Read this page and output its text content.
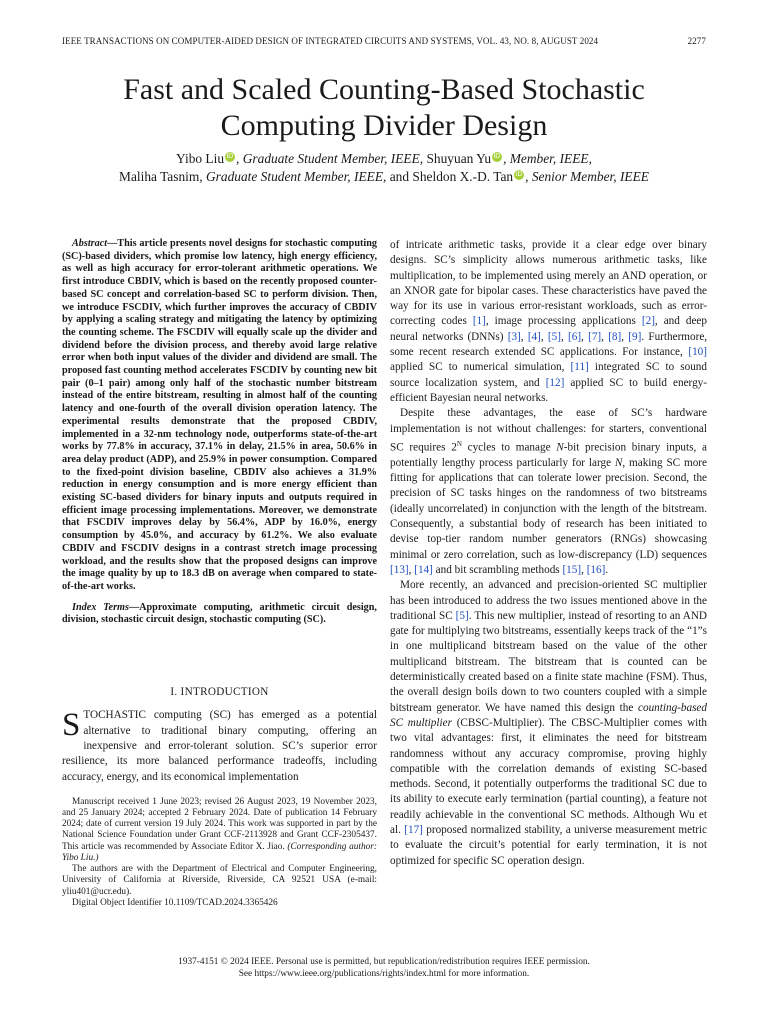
IEEE TRANSACTIONS ON COMPUTER-AIDED DESIGN OF INTEGRATED CIRCUITS AND SYSTEMS, VOL. 43, NO. 8, AUGUST 2024	2277
Fast and Scaled Counting-Based Stochastic
Computing Divider Design
Yibo Liu iD , Graduate Student Member, IEEE, Shuyuan Yu iD , Member, IEEE,
Maliha Tasnim, Graduate Student Member, IEEE, and Sheldon X.-D. Tan iD , Senior Member, IEEE

Abstract—This article presents novel designs for stochastic computing (SC)-based dividers, which promise low latency, high energy efficiency, as well as high accuracy for error-tolerant arithmetic operations. We first introduce CBDIV, which is based on the recently proposed counter-based SC concept and correlation-based SC to perform division. Then, we introduce FSCDIV, which further improves the accuracy of CBDIV by applying a scaling strategy and mitigating the latency by optimizing the counting scheme. The FSCDIV will equally scale up the divider and dividend before the division process, and thereby avoid large relative error when both input values of the divider and dividend are small. The proposed fast counting method accelerates FSCDIV by counting new bit pair (0–1 pair) among only half of the stochastic number bitstream instead of the entire bitstream, resulting in almost half of the counting latency and one-fourth of the overall division operation latency. The experimental results demonstrate that the proposed CBDIV, implemented in a 32-nm technology node, outperforms state-of-the-art works by 77.8% in accuracy, 37.1% in delay, 21.5% in area, 50.6% in area delay product (ADP), and 25.9% in power consumption. Compared to the fixed-point division baseline, CBDIV also achieves a 31.9% reduction in energy consumption and is more energy efficient than existing SC-based dividers for binary inputs and outputs required in efficient image processing implementations. Moreover, we demonstrate that FSCDIV improves delay by 56.4%, ADP by 16.0%, energy consumption by 45.0%, and accuracy by 61.2%. We also evaluate CBDIV and FSCDIV designs in a contrast stretch image processing workload, and the results show that the proposed designs can improve the image quality by up to 18.3 dB on average when compared to state-of-the-art works.

Index Terms—Approximate computing, arithmetic circuit design, division, stochastic circuit design, stochastic computing (SC).

I. INTRODUCTION

STOCHASTIC computing (SC) has emerged as a potential alternative to traditional binary computing, offering an inexpensive and error-tolerant solution. SC’s superior error resilience, its more balanced performance tradeoffs, including accuracy, energy, and its economical implementation

Manuscript received 1 June 2023; revised 26 August 2023, 19 November 2023, and 25 January 2024; accepted 2 February 2024. Date of publication 14 February 2024; date of current version 19 July 2024. This work was supported in part by the National Science Foundation under Grant CCF-2113928 and Grant CCF-2305437. This article was recommended by Associate Editor X. Jiao. (Corresponding author: Yibo Liu.)

The authors are with the Department of Electrical and Computer Engineering, University of California at Riverside, Riverside, CA 92521 USA (e-mail: yliu401@ucr.edu).

Digital Object Identifier 10.1109/TCAD.2024.3365426

of intricate arithmetic tasks, provide it a clear edge over binary designs. SC’s simplicity allows numerous arithmetic tasks, like multiplication, to be implemented using merely an AND operation, or an XNOR gate for bipolar cases. These characteristics have paved the way for its use in various error-resistant workloads, such as error-correcting codes [1], image processing applications [2], and deep neural networks (DNNs) [3], [4], [5], [6], [7], [8], [9]. Furthermore, some recent research extended SC applications. For instance, [10] applied SC to numerical simulation, [11] integrated SC to sound source localization system, and [12] applied SC to build energy-efficient Bayesian neural networks.

Despite these advantages, the ease of SC’s hardware implementation is not without challenges: for starters, conventional SC requires $2^N$ cycles to manage N-bit precision binary inputs, a potentially lengthy process particularly for large N, making SC more fitting for applications that can tolerate lower precision. Second, the precision of SC tasks hinges on the randomness of two bitstreams (ideally uncorrelated) in conjunction with the length of the bitstream. Consequently, a substantial body of research has been initiated to devise top-tier random number generators (RNGs) showcasing minimal or zero correlation, such as low-discrepancy (LD) sequences [13], [14] and bit scrambling methods [15], [16].

More recently, an advanced and precision-oriented SC multiplier has been introduced to address the two issues mentioned above in the traditional SC [5]. This new multiplier, instead of resorting to an AND gate for multiplying two bitstreams, essentially keeps track of the “1”s in one multiplicand bitstream based on the value of the other multiplicand bitstream. The bitstream that is counted can be deterministically created based on a finite state machine (FSM). Thus, the overall design boils down to two counters coupled with a simple bitstream generator. We have named this design the counting-based SC multiplier (CBSC-Multiplier). The CBSC-Multiplier comes with two vital advantages: first, it eliminates the need for bitstream randomness without any accuracy compromise, proving highly compatible with the correlation demands of existing SC-based methods. Second, it potentially outperforms the traditional SC due to its ability to execute early termination (partial counting), a feature not readily achievable in the conventional SC methods. Although Wu et al. [17] proposed normalized stability, a universe measurement metric to evaluate the circuit’s potential for early termination, it is not optimized for specific SC operation design.

1937-4151 © 2024 IEEE. Personal use is permitted, but republication/redistribution requires IEEE permission.
See https://www.ieee.org/publications/rights/index.html for more information.
